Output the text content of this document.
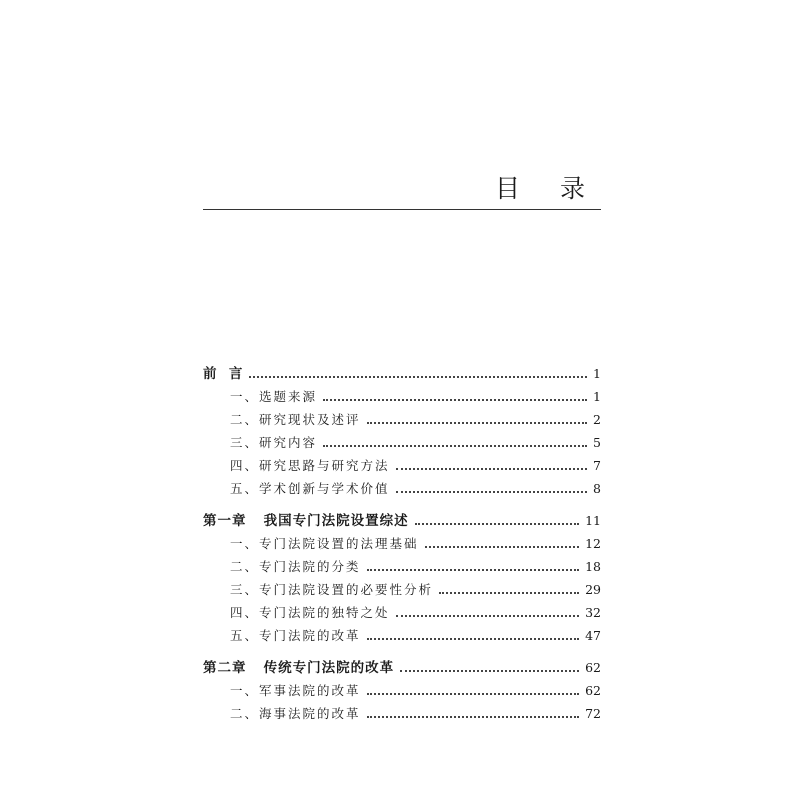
目 录
前  言	1
一、选题来源	1
二、研究现状及述评	2
三、研究内容	5
四、研究思路与研究方法	7
五、学术创新与学术价值	8
第一章   我国专门法院设置综述	11
一、专门法院设置的法理基础	12
二、专门法院的分类	18
三、专门法院设置的必要性分析	29
四、专门法院的独特之处	32
五、专门法院的改革	47
第二章   传统专门法院的改革	62
一、军事法院的改革	62
二、海事法院的改革	72
